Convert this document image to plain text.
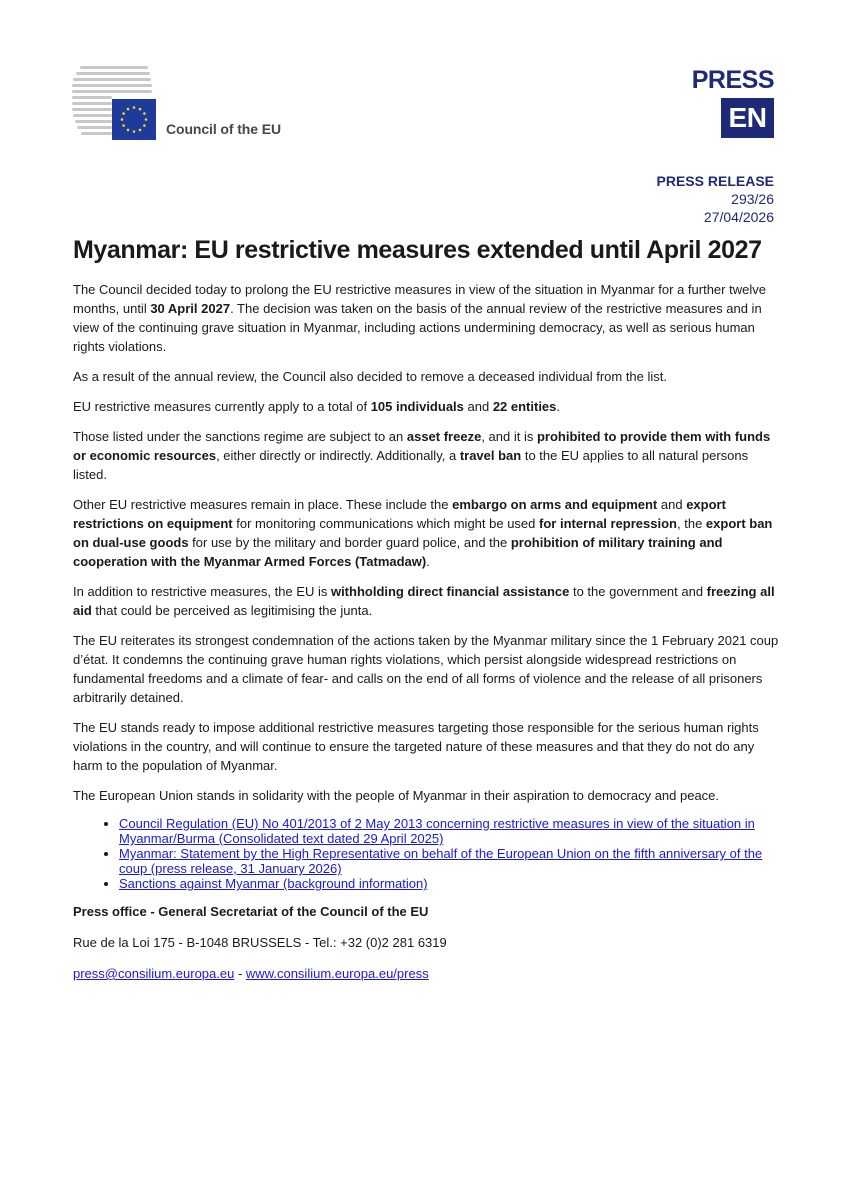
Council of the EU
PRESS
EN
PRESS RELEASE
293/26
27/04/2026
Myanmar: EU restrictive measures extended until April 2027

The Council decided today to prolong the EU restrictive measures in view of the situation in Myanmar for a further twelve months, until 30 April 2027. The decision was taken on the basis of the annual review of the restrictive measures and in view of the continuing grave situation in Myanmar, including actions undermining democracy, as well as serious human rights violations.

As a result of the annual review, the Council also decided to remove a deceased individual from the list.

EU restrictive measures currently apply to a total of 105 individuals and 22 entities.

Those listed under the sanctions regime are subject to an asset freeze, and it is prohibited to provide them with funds or economic resources, either directly or indirectly. Additionally, a travel ban to the EU applies to all natural persons listed.

Other EU restrictive measures remain in place. These include the embargo on arms and equipment and export restrictions on equipment for monitoring communications which might be used for internal repression, the export ban on dual-use goods for use by the military and border guard police, and the prohibition of military training and cooperation with the Myanmar Armed Forces (Tatmadaw).

In addition to restrictive measures, the EU is withholding direct financial assistance to the government and freezing all aid that could be perceived as legitimising the junta.

The EU reiterates its strongest condemnation of the actions taken by the Myanmar military since the 1 February 2021 coup d’état. It condemns the continuing grave human rights violations, which persist alongside widespread restrictions on fundamental freedoms and a climate of fear- and calls on the end of all forms of violence and the release of all prisoners arbitrarily detained.

The EU stands ready to impose additional restrictive measures targeting those responsible for the serious human rights violations in the country, and will continue to ensure the targeted nature of these measures and that they do not do any harm to the population of Myanmar.

The European Union stands in solidarity with the people of Myanmar in their aspiration to democracy and peace.

• Council Regulation (EU) No 401/2013 of 2 May 2013 concerning restrictive measures in view of the situation in Myanmar/Burma (Consolidated text dated 29 April 2025)
• Myanmar: Statement by the High Representative on behalf of the European Union on the fifth anniversary of the coup (press release, 31 January 2026)
• Sanctions against Myanmar (background information)

Press office - General Secretariat of the Council of the EU

Rue de la Loi 175 - B-1048 BRUSSELS - Tel.: +32 (0)2 281 6319

press@consilium.europa.eu - www.consilium.europa.eu/press
